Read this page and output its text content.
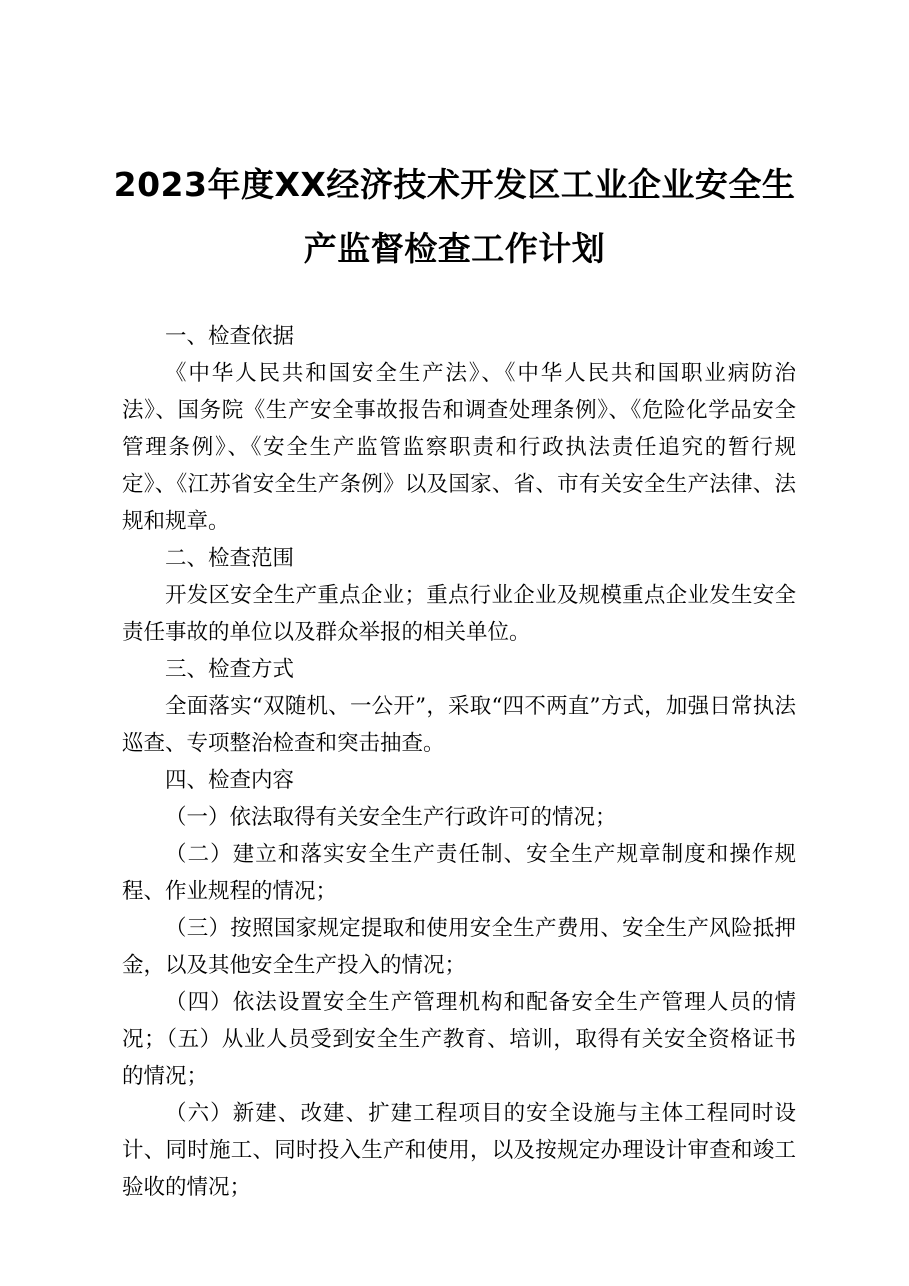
2023年度XX经济技术开发区工业企业安全生
产监督检查工作计划

一、检查依据

《中华人民共和国安全生产法》、《中华人民共和国职业病防治法》、国务院《生产安全事故报告和调查处理条例》、《危险化学品安全管理条例》、《安全生产监管监察职责和行政执法责任追究的暂行规定》、《江苏省安全生产条例》以及国家、省、市有关安全生产法律、法规和规章。

二、检查范围

开发区安全生产重点企业；重点行业企业及规模重点企业发生安全责任事故的单位以及群众举报的相关单位。

三、检查方式

全面落实“双随机、一公开”，采取“四不两直”方式，加强日常执法巡查、专项整治检查和突击抽查。

四、检查内容

（一）依法取得有关安全生产行政许可的情况；

（二）建立和落实安全生产责任制、安全生产规章制度和操作规程、作业规程的情况；

（三）按照国家规定提取和使用安全生产费用、安全生产风险抵押金，以及其他安全生产投入的情况；

（四）依法设置安全生产管理机构和配备安全生产管理人员的情况；（五）从业人员受到安全生产教育、培训，取得有关安全资格证书的情况；

（六）新建、改建、扩建工程项目的安全设施与主体工程同时设计、同时施工、同时投入生产和使用，以及按规定办理设计审查和竣工验收的情况；
